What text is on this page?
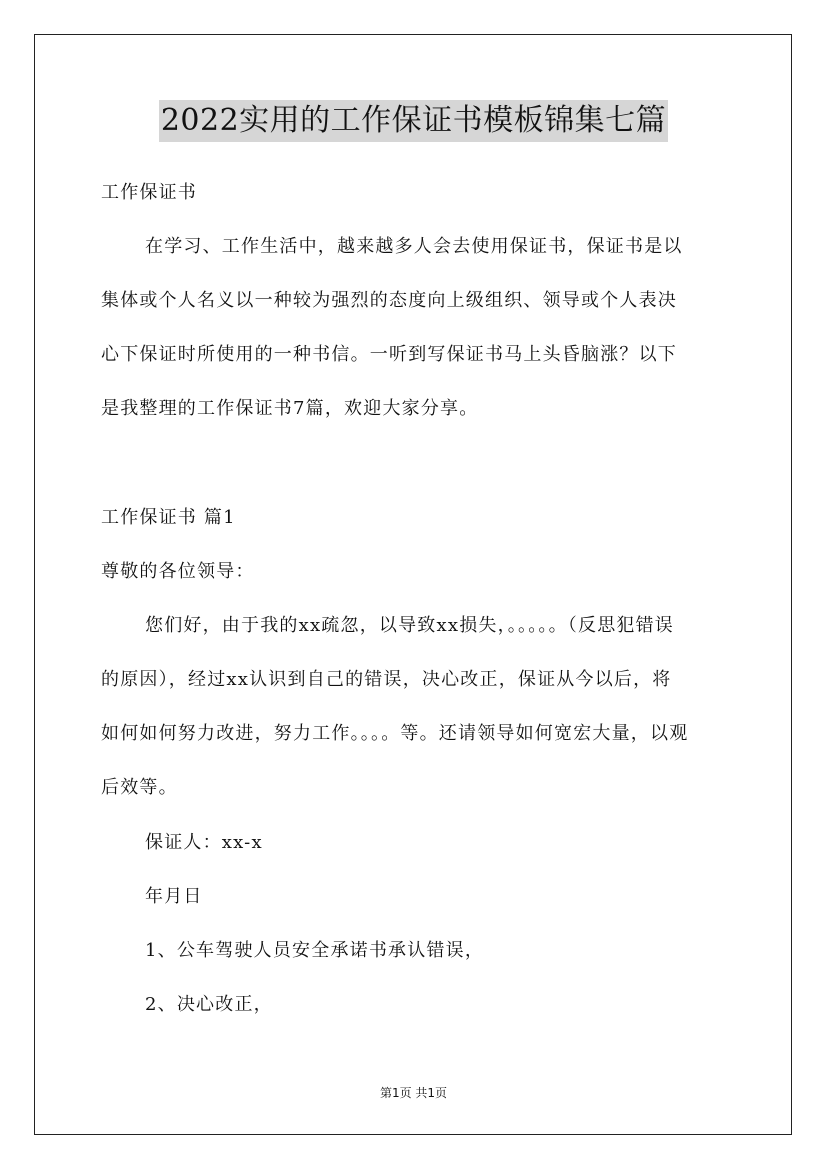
2022实用的工作保证书模板锦集七篇
工作保证书
在学习、工作生活中，越来越多人会去使用保证书，保证书是以
集体或个人名义以一种较为强烈的态度向上级组织、领导或个人表决
心下保证时所使用的一种书信。一听到写保证书马上头昏脑涨？以下
是我整理的工作保证书7篇，欢迎大家分享。
工作保证书 篇1
尊敬的各位领导：
您们好，由于我的xx疏忽，以导致xx损失，。。。。。（反思犯错误
的原因），经过xx认识到自己的错误，决心改正，保证从今以后，将
如何如何努力改进，努力工作。。。。等。还请领导如何宽宏大量，以观
后效等。
保证人：xx-x
年月日
1、公车驾驶人员安全承诺书承认错误，
2、决心改正，
第1页 共1页
